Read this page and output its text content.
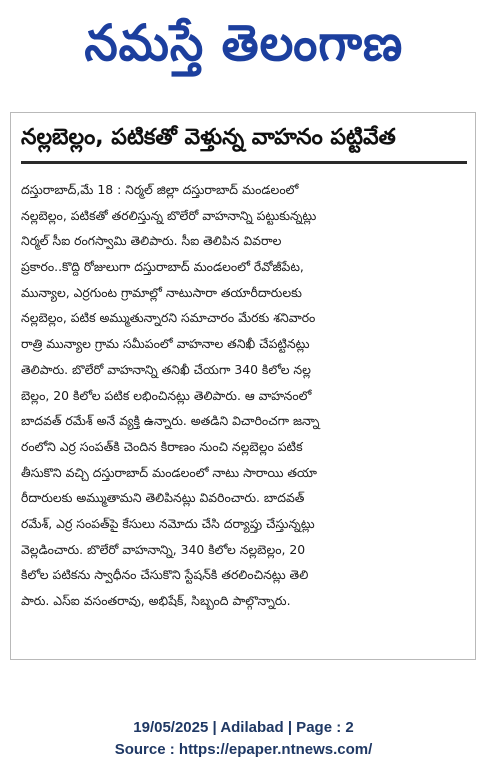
నమస్తే తెలంగాణ
నల్లబెల్లం, పటికతో వెళ్తున్న వాహనం పట్టివేత
దస్తురాబాద్,మే 18 : నిర్మల్ జిల్లా దస్తురాబాద్ మండలంలో
నల్లబెల్లం, పటికతో తరలిస్తున్న బొలేరో వాహనాన్ని పట్టుకున్నట్లు
నిర్మల్ సీఐ రంగస్వామి తెలిపారు. సీఐ తెలిపిన వివరాల
ప్రకారం..కొద్ది రోజులుగా దస్తురాబాద్ మండలంలో రేవోజీపేట,
మున్యాల, ఎర్రగుంట గ్రామాల్లో నాటుసారా తయారీదారులకు
నల్లబెల్లం, పటిక అమ్ముతున్నారని సమాచారం మేరకు శనివారం
రాత్రి మున్యాల గ్రామ సమీపంలో వాహనాల తనిఖీ చేపట్టినట్లు
తెలిపారు. బొలేరో వాహనాన్ని తనిఖీ చేయగా 340 కిలోల నల్ల
బెల్లం, 20 కిలోల పటిక లభించినట్లు తెలిపారు. ఆ వాహనంలో
బాదవత్ రమేశ్ అనే వ్యక్తి ఉన్నారు. అతడిని విచారించగా జన్నా
రంలోని ఎర్ర సంపత్‌కి చెందిన కిరాణం నుంచి నల్లబెల్లం పటిక
తీసుకొని వచ్చి దస్తురాబాద్ మండలంలో నాటు సారాయి తయా
రీదారులకు అమ్ముతామని తెలిపినట్లు వివరించారు. బాదవత్
రమేశ్, ఎర్ర సంపత్‌పై కేసులు నమోదు చేసి దర్యాప్తు చేస్తున్నట్లు
వెల్లడించారు. బొలేరో వాహనాన్ని, 340 కిలోల నల్లబెల్లం, 20
కిలోల పటికను స్వాధీనం చేసుకొని స్టేషన్‌కి తరలించినట్లు తెలి
పారు. ఎస్ఐ వసంతరావు, అభిషేక్, సిబ్బంది పాల్గొన్నారు.
19/05/2025 | Adilabad | Page : 2
Source : https://epaper.ntnews.com/
